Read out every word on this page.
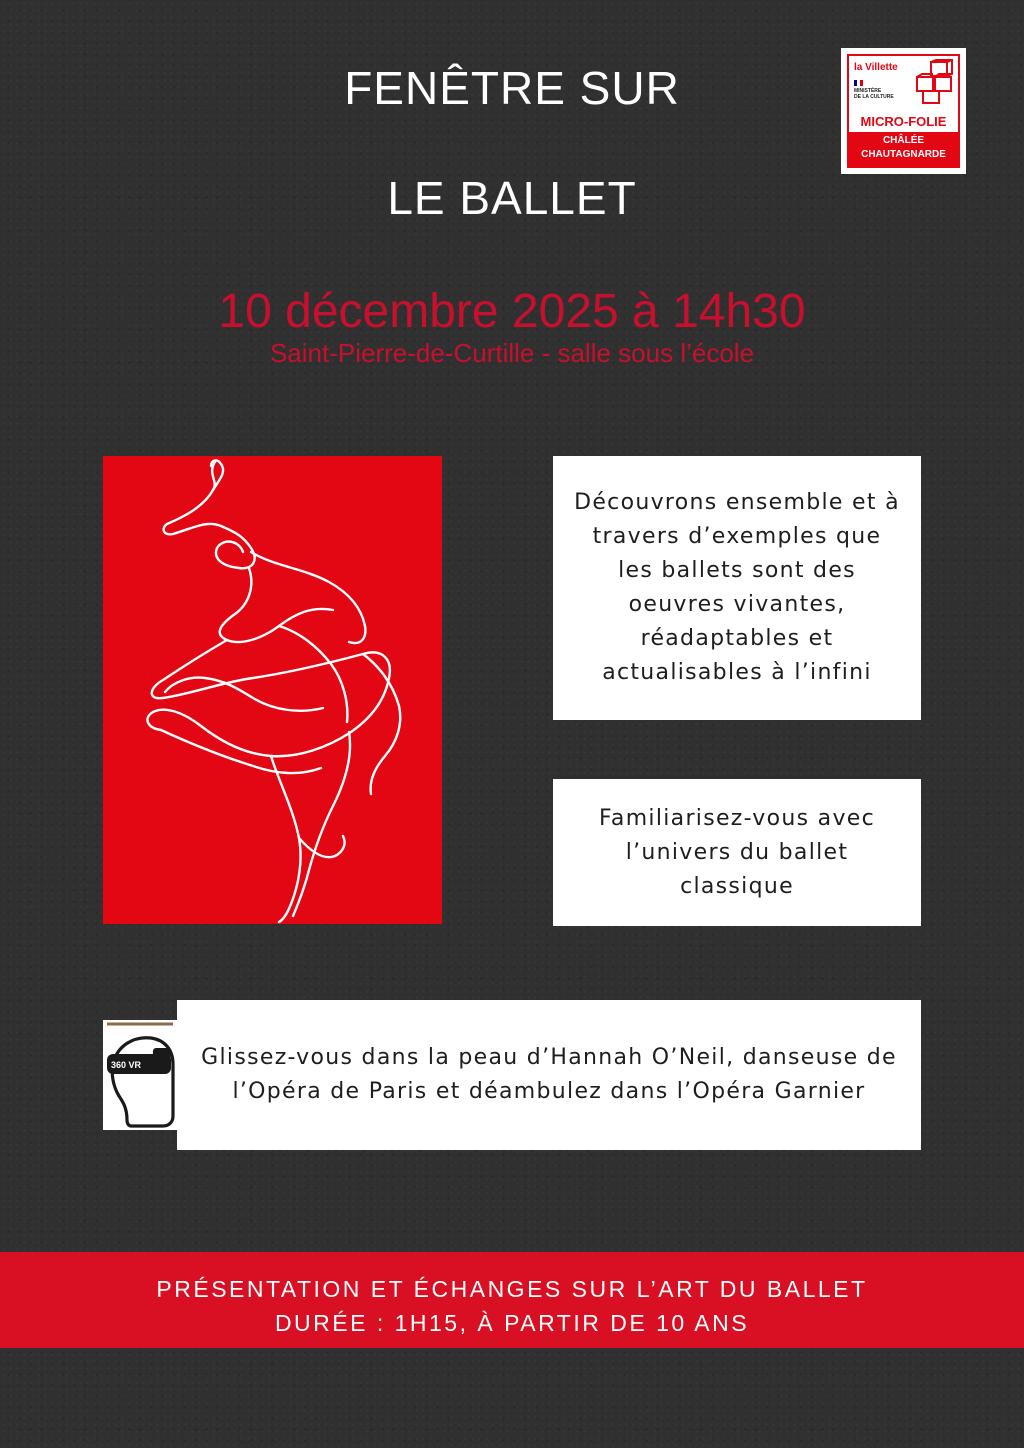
FENÊTRE SUR
LE BALLET
10 décembre 2025 à 14h30
Saint-Pierre-de-Curtille - salle sous l’école
la Villette
MINISTÈRE
DE LA CULTURE
MICRO-FOLIE
CHÂLÉE
CHAUTAGNARDE
Découvrons ensemble et à travers d’exemples que les ballets sont des oeuvres vivantes, réadaptables et actualisables à l’infini
Familiarisez-vous avec l’univers du ballet classique
Glissez-vous dans la peau d’Hannah O’Neil, danseuse de l’Opéra de Paris et déambulez dans l’Opéra Garnier
360 VR
PRÉSENTATION ET ÉCHANGES SUR L’ART DU BALLET
DURÉE : 1H15, À PARTIR DE 10 ANS
